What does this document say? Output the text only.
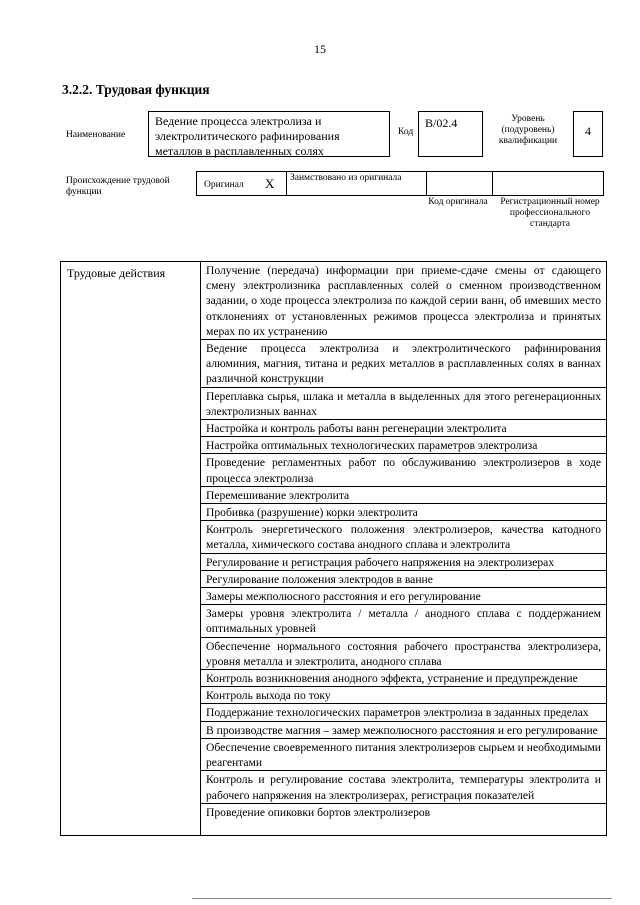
15
3.2.2. Трудовая функция
Наименование
Ведение процесса электролиза и электролитического рафинирования металлов в расплавленных солях
Код
B/02.4	Уровень (подуровень) квалификации
4
Происхождение трудовой функции
Оригинал X Заимствовано из оригинала
Код оригинала	Регистрационный номер профессионального стандарта
Трудовые действия	Получение (передача) информации при приеме-сдаче смены от сдающего смену электролизника расплавленных солей о сменном производственном задании, о ходе процесса электролиза по каждой серии ванн, об имевших место отклонениях от установленных режимов процесса электролиза и принятых мерах по их устранению
Ведение процесса электролиза и электролитического рафинирования алюминия, магния, титана и редких металлов в расплавленных солях в ваннах различной конструкции
Переплавка сырья, шлака и металла в выделенных для этого регенерационных электролизных ваннах
Настройка и контроль работы ванн регенерации электролита
Настройка оптимальных технологических параметров электролиза
Проведение регламентных работ по обслуживанию электролизеров в ходе процесса электролиза
Перемешивание электролита
Пробивка (разрушение) корки электролита
Контроль энергетического положения электролизеров, качества катодного металла, химического состава анодного сплава и электролита
Регулирование и регистрация рабочего напряжения на электролизерах
Регулирование положения электродов в ванне
Замеры межполюсного расстояния и его регулирование
Замеры уровня электролита / металла / анодного сплава с поддержанием оптимальных уровней
Обеспечение нормального состояния рабочего пространства электролизера, уровня металла и электролита, анодного сплава
Контроль возникновения анодного эффекта, устранение и предупреждение
Контроль выхода по току
Поддержание технологических параметров электролиза в заданных пределах
В производстве магния – замер межполюсного расстояния и его регулирование
Обеспечение своевременного питания электролизеров сырьем и необходимыми реагентами
Контроль и регулирование состава электролита, температуры электролита и рабочего напряжения на электролизерах, регистрация показателей
Проведение опиковки бортов электролизеров
